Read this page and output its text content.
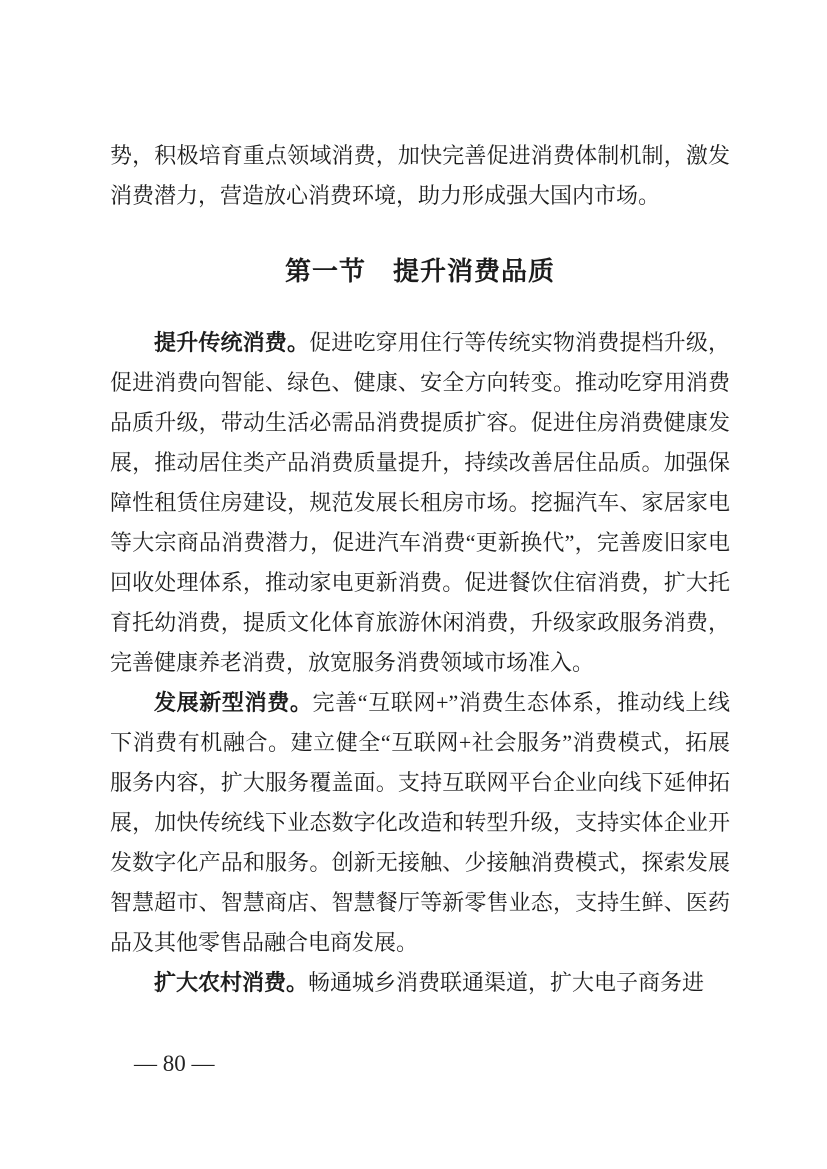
势，积极培育重点领域消费，加快完善促进消费体制机制，激发消费潜力，营造放心消费环境，助力形成强大国内市场。

第一节　提升消费品质

提升传统消费。促进吃穿用住行等传统实物消费提档升级，促进消费向智能、绿色、健康、安全方向转变。推动吃穿用消费品质升级，带动生活必需品消费提质扩容。促进住房消费健康发展，推动居住类产品消费质量提升，持续改善居住品质。加强保障性租赁住房建设，规范发展长租房市场。挖掘汽车、家居家电等大宗商品消费潜力，促进汽车消费“更新换代”，完善废旧家电回收处理体系，推动家电更新消费。促进餐饮住宿消费，扩大托育托幼消费，提质文化体育旅游休闲消费，升级家政服务消费，完善健康养老消费，放宽服务消费领域市场准入。

发展新型消费。完善“互联网+”消费生态体系，推动线上线下消费有机融合。建立健全“互联网+社会服务”消费模式，拓展服务内容，扩大服务覆盖面。支持互联网平台企业向线下延伸拓展，加快传统线下业态数字化改造和转型升级，支持实体企业开发数字化产品和服务。创新无接触、少接触消费模式，探索发展智慧超市、智慧商店、智慧餐厅等新零售业态，支持生鲜、医药品及其他零售品融合电商发展。

扩大农村消费。畅通城乡消费联通渠道，扩大电子商务进

— 80 —
